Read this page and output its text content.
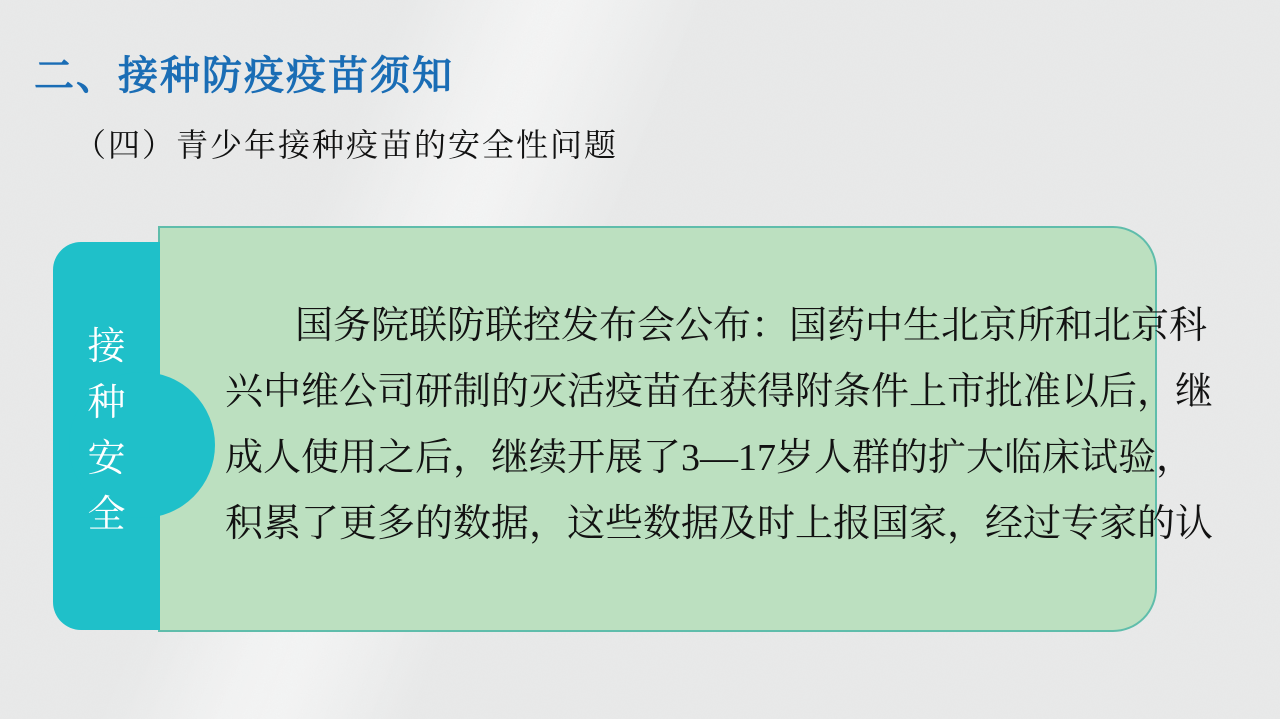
二、接种防疫疫苗须知
（四）青少年接种疫苗的安全性问题
接
种
安
全
国务院联防联控发布会公布：国药中生北京所和北京科
兴中维公司研制的灭活疫苗在获得附条件上市批准以后，继
成人使用之后，继续开展了3—17岁人群的扩大临床试验，
积累了更多的数据，这些数据及时上报国家，经过专家的认
